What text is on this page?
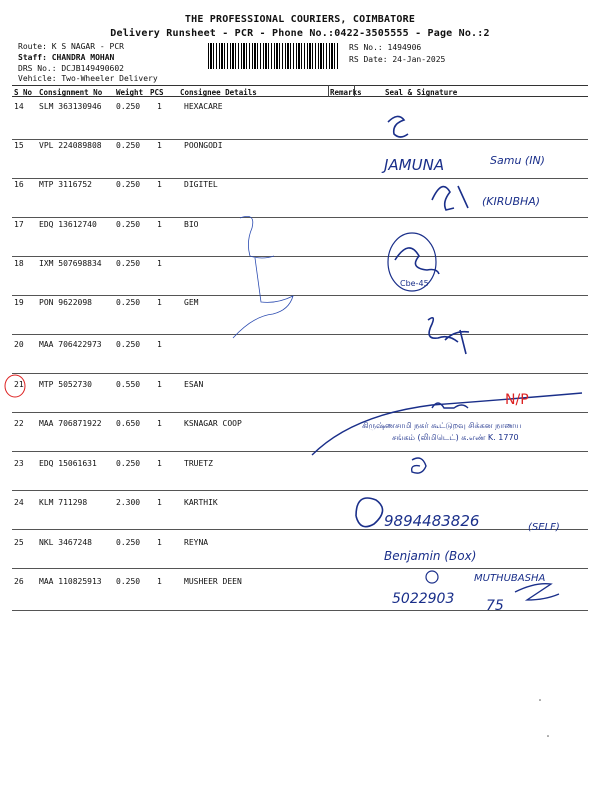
THE PROFESSIONAL COURIERS, COIMBATORE
Delivery Runsheet - PCR - Phone No.:0422-3505555 - Page No.:2
Route: K S NAGAR - PCR
Staff: CHANDRA MOHAN
DRS No.: DCJB149490602
Vehicle: Two-Wheeler Delivery
RS No.: 1494906
RS Date: 24-Jan-2025
S No Consignment No Weight PCS Consignee Details	Remarks	Seal & Signature
14 SLM 363130946 0.250 1	HEXACARE
15 VPL 224089808 0.250 1	POONGODI
16 MTP 3116752	0.250 1	DIGITEL
17 EDQ 13612740 0.250 1	BIO
18 IXM 507698834 0.250 1
19 PON 9622098	0.250 1	GEM
20 MAA 706422973 0.250 1
21 MTP 5052730	0.550 1	ESAN
22 MAA 706871922 0.650 1	KSNAGAR COOP
23 EDQ 15061631 0.250 1	TRUETZ
24 KLM 711298	2.300 1	KARTHIK
25 NKL 3467248	0.250 1	REYNA
26 MAA 110825913 0.250 1	MUSHEER DEEN
JAMUNA	Samu (IN)
(KIRUBHA)
Cbe-45
N/P
கிருஷ்ணசாமி நகர் கூட்டுறவு சிக்கன நாணய
சங்கம் (லிமிடெட்) க.எண் K. 1770
9894483826	(SELF)
Benjamin (Box)
MUTHUBASHA
5022903 75
